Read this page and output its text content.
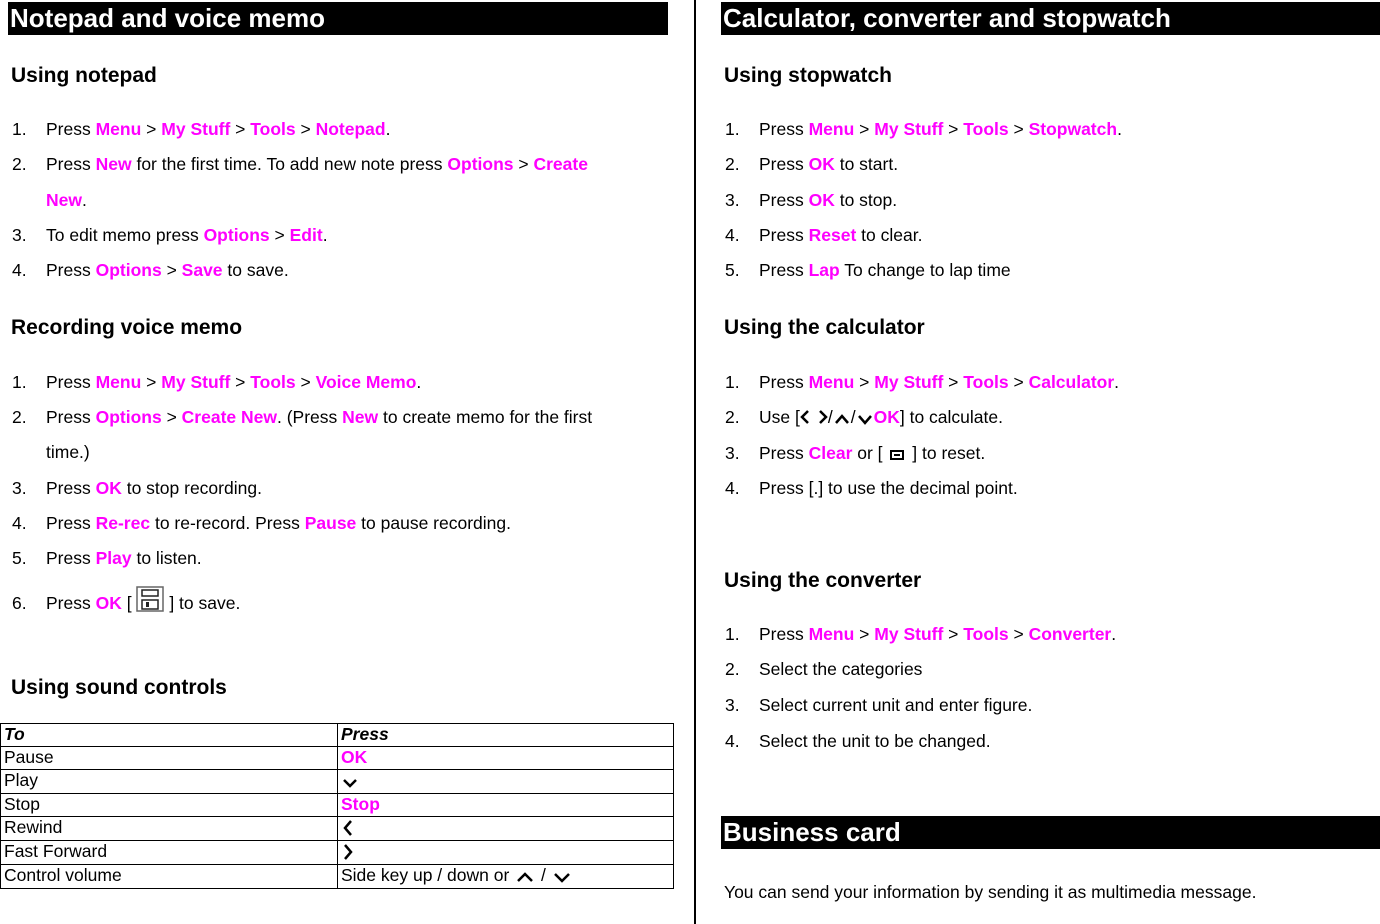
Notepad and voice memo
Using notepad
1. Press Menu > My Stuff > Tools > Notepad.
2. Press New for the first time. To add new note press Options > Create
New.
3. To edit memo press Options > Edit.
4. Press Options > Save to save.
Recording voice memo
1. Press Menu > My Stuff > Tools > Voice Memo.
2. Press Options > Create New. (Press New to create memo for the first
time.)
3. Press OK to stop recording.
4. Press Re-rec to re-record. Press Pause to pause recording.
5. Press Play to listen.
6. Press OK [  ] to save.
Using sound controls
To	Press
Pause	OK
Play	
Stop	Stop
Rewind	
Fast Forward	
Control volume	Side key up / down or  /
Calculator, converter and stopwatch
Using stopwatch
1. Press Menu > My Stuff > Tools > Stopwatch.
2. Press OK to start.
3. Press OK to stop.
4. Press Reset to clear.
5. Press Lap To change to lap time
Using the calculator
1. Press Menu > My Stuff > Tools > Calculator.
2. Use [ / / OK] to calculate.
3. Press Clear or [  ] to reset.
4. Press [.] to use the decimal point.
Using the converter
1. Press Menu > My Stuff > Tools > Converter.
2. Select the categories
3. Select current unit and enter figure.
4. Select the unit to be changed.
Business card
You can send your information by sending it as multimedia message.
